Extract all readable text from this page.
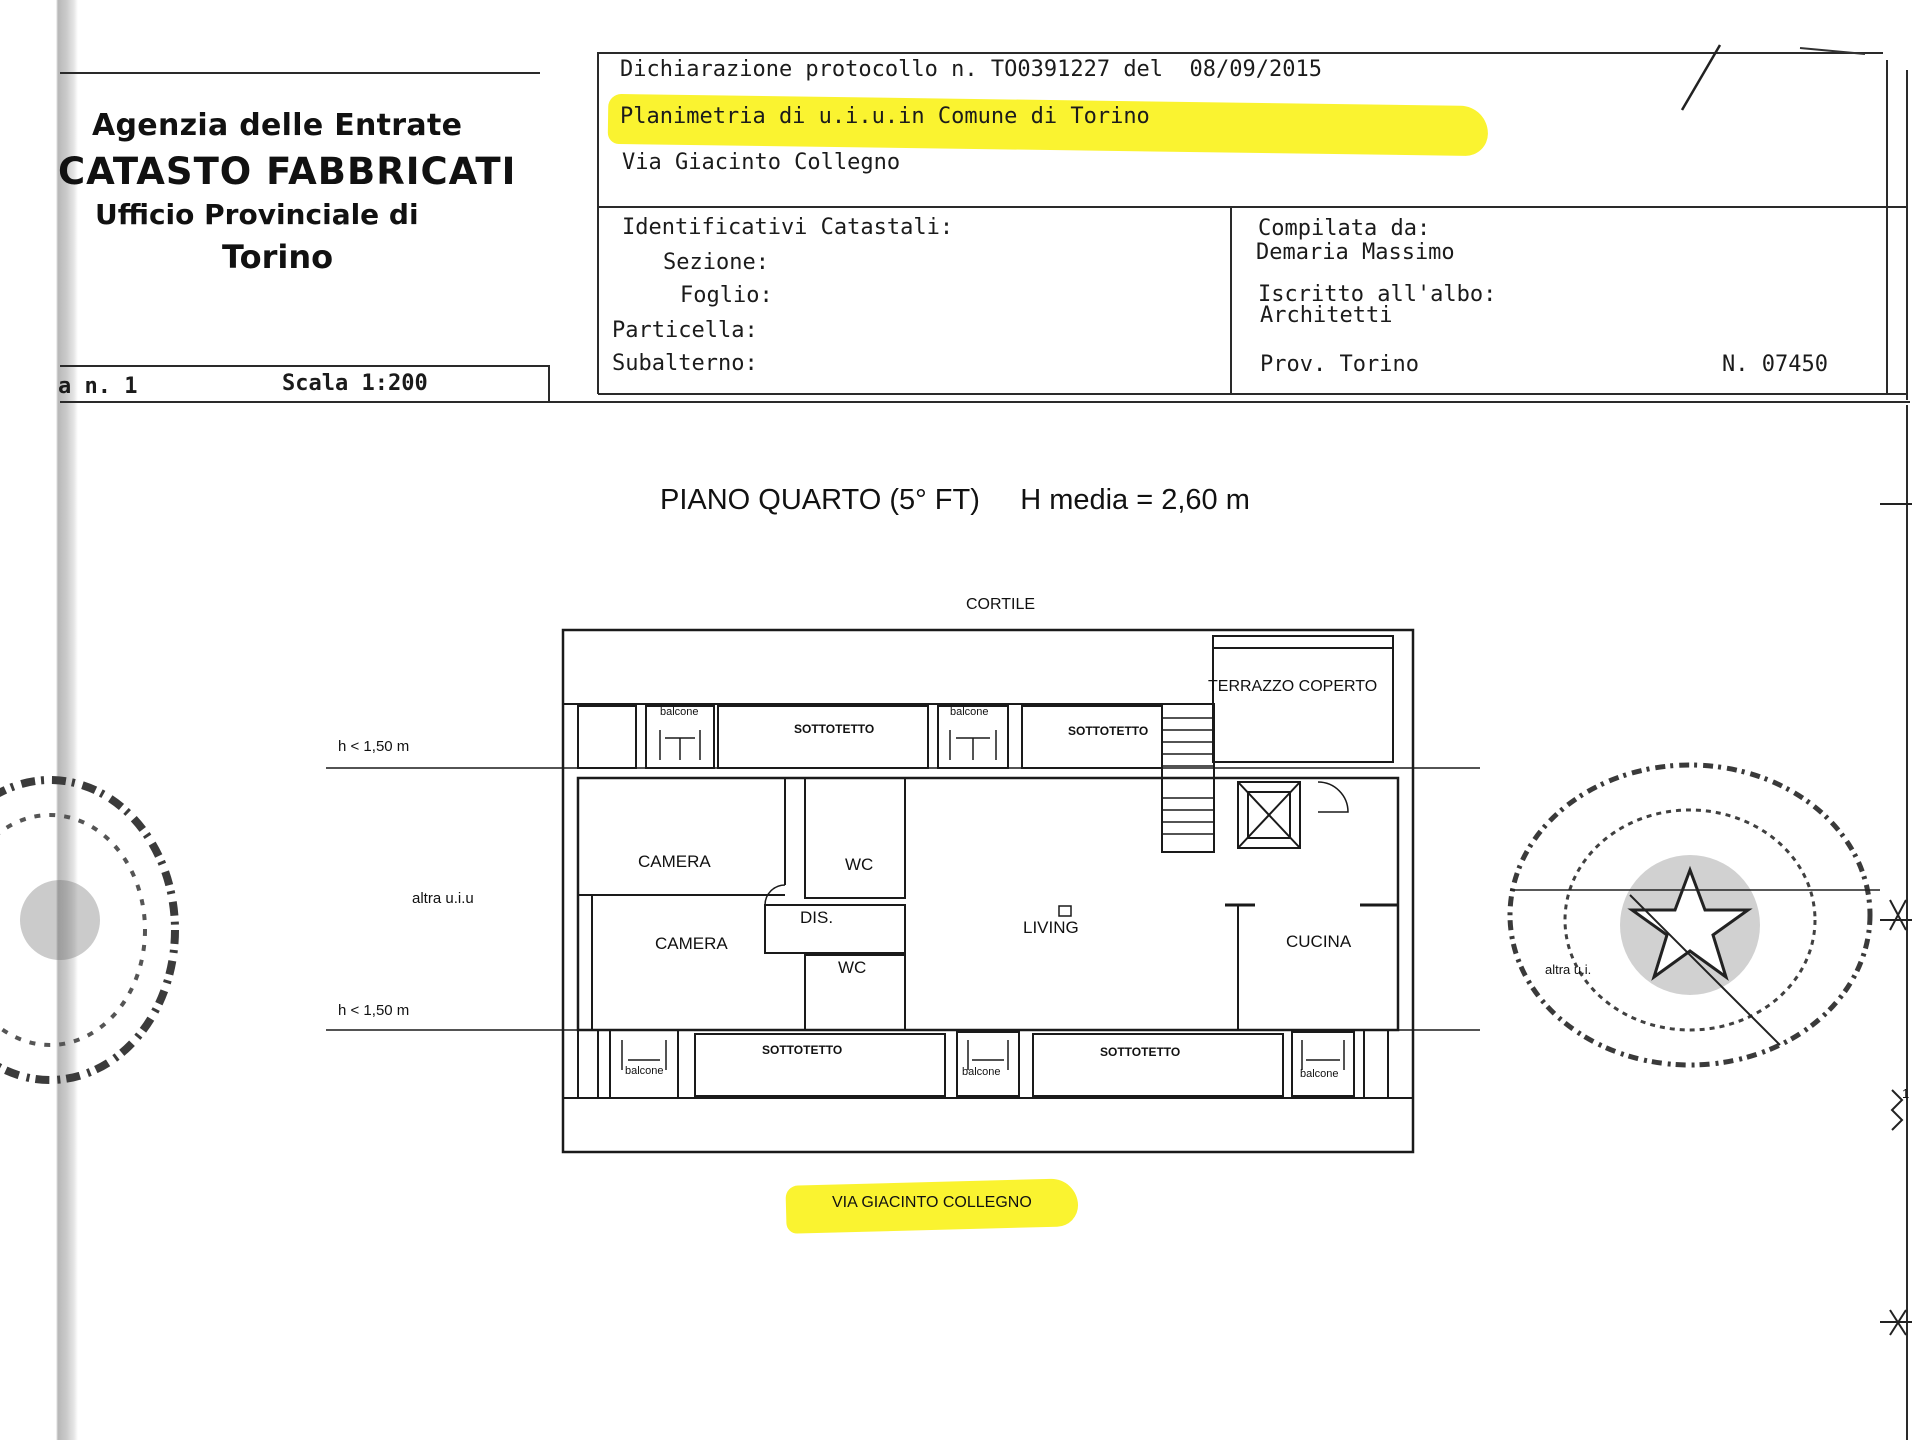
Agenzia delle Entrate
CATASTO FABBRICATI
Ufficio Provinciale di
Torino
Dichiarazione protocollo n. TO0391227 del  08/09/2015
Planimetria di u.i.u.in Comune di Torino
Via Giacinto Collegno
Identificativi Catastali:
Sezione:
Foglio:
Particella:
Subalterno:
Compilata da:
Demaria Massimo
Iscritto all'albo:
Architetti
Prov. Torino	N. 07450
a n. 1	Scala 1:200
PIANO QUARTO (5° FT) H media = 2,60 m
CORTILE
CAMERA
CAMERA
WC
WC
DIS.
LIVING
CUCINA
TERRAZZO COPERTO
SOTTOTETTO	SOTTOTETTO
SOTTOTETTO	SOTTOTETTO
balcone	balcone
balcone	balcone	balcone
h < 1,50 m
h < 1,50 m
altra u.i.u
VIA GIACINTO COLLEGNO
altra u.i.
1
